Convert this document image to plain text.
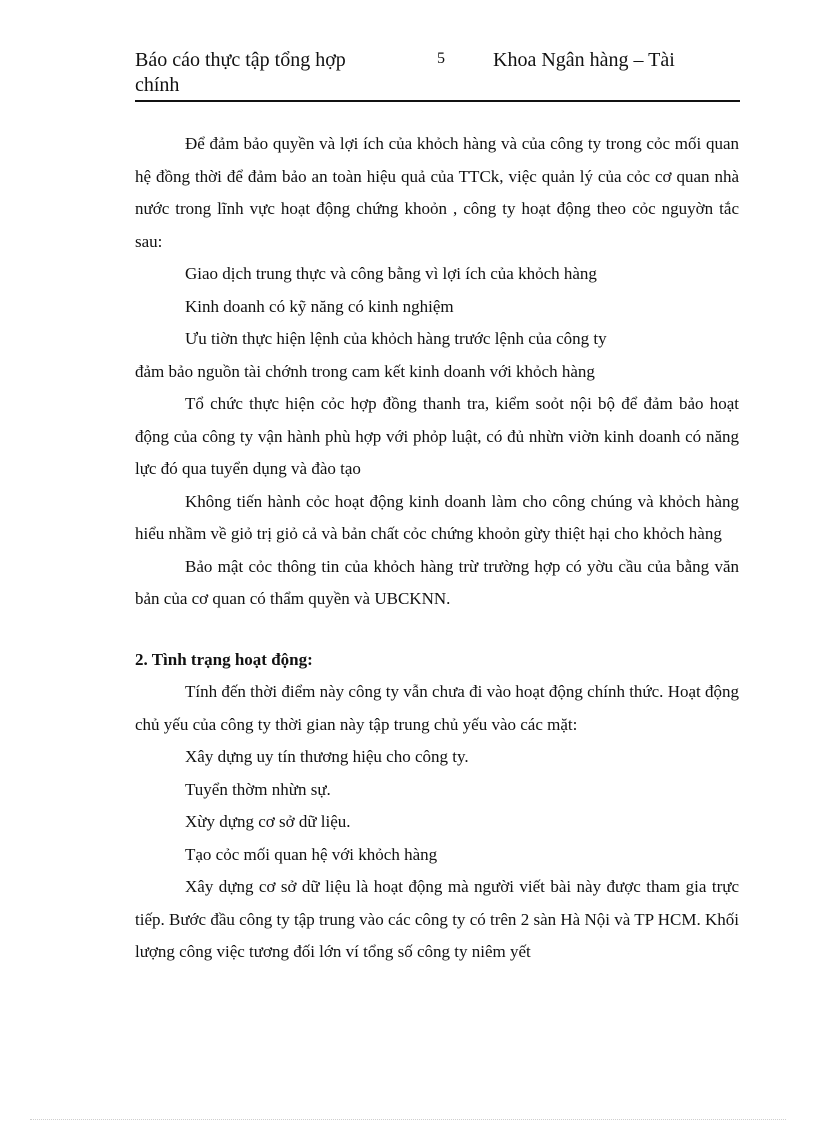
Báo cáo thực tập tổng hợp chính
5 Khoa Ngân hàng – Tài

Để đảm bảo quyền và lợi ích của khỏch hàng và của công ty trong cỏc mối quan hệ đồng thời để đảm bảo an toàn hiệu quả của TTCk, việc quản lý của cỏc cơ quan nhà nước trong lĩnh vực hoạt động chứng khoỏn , công ty hoạt động theo cỏc nguyờn tắc sau:

Giao dịch trung thực và công bằng vì lợi ích của khỏch hàng

Kinh doanh có kỹ năng có kinh nghiệm

Ưu tiờn thực hiện lệnh của khỏch hàng trước lệnh của công ty

đảm bảo nguồn tài chớnh trong cam kết kinh doanh với khỏch hàng

Tổ chức thực hiện cỏc hợp đồng thanh tra, kiểm soỏt nội bộ để đảm bảo hoạt động của công ty vận hành phù hợp với phỏp luật, có đủ nhừn viờn kinh doanh có năng lực đó qua tuyển dụng và đào tạo

Không tiến hành cỏc hoạt động kinh doanh làm cho công chúng và khỏch hàng hiểu nhầm về giỏ trị giỏ cả và bản chất cỏc chứng khoỏn gừy thiệt hại cho khỏch hàng

Bảo mật cỏc thông tin của khỏch hàng trừ trường hợp có yờu cầu của bằng văn bản của cơ quan có thẩm quyền và UBCKNN.

2. Tình trạng hoạt động:

Tính đến thời điểm này công ty vẫn chưa đi vào hoạt động chính thức. Hoạt động chủ yếu của công ty thời gian này tập trung chủ yếu vào các mặt:

Xây dựng uy tín thương hiệu cho công ty.

Tuyển thờm nhừn sự.

Xừy dựng cơ sở dữ liệu.

Tạo cỏc mối quan hệ với khỏch hàng

Xây dựng cơ sở dữ liệu là hoạt động mà người viết bài này được tham gia trực tiếp. Bước đầu công ty tập trung vào các công ty có trên 2 sàn Hà Nội và TP HCM. Khối lượng công việc tương đối lớn ví tổng số công ty niêm yết
